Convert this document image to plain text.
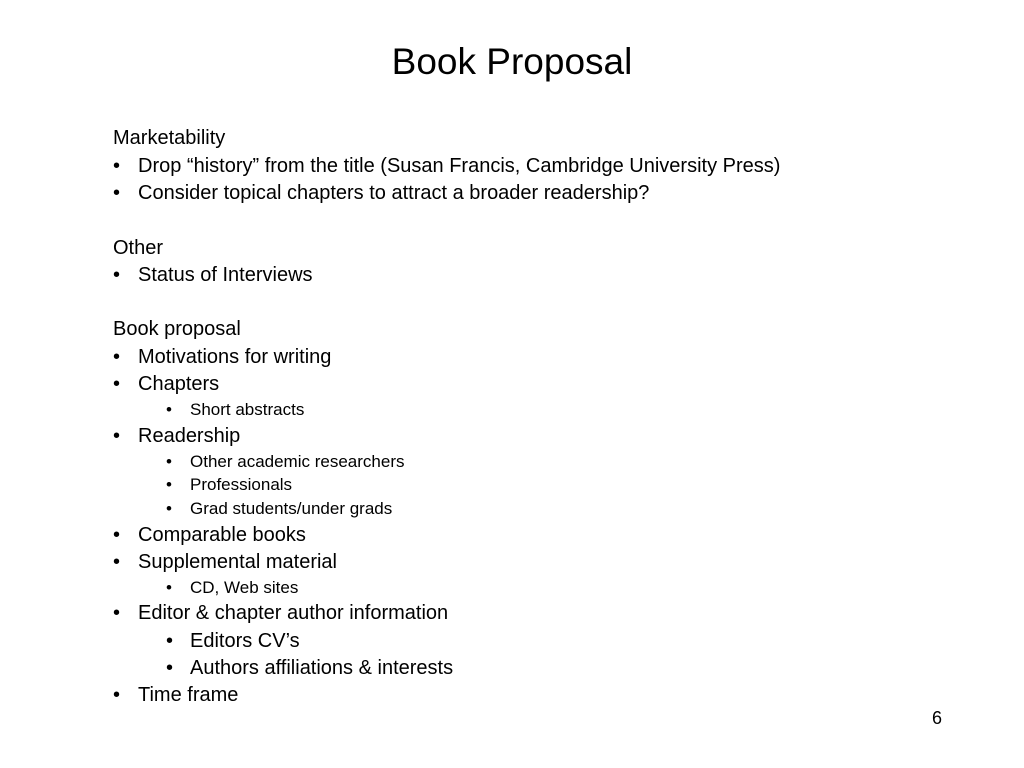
Book Proposal
Marketability
• Drop “history” from the title (Susan Francis, Cambridge University Press)
• Consider topical chapters to attract a broader readership?
Other
• Status of Interviews
Book proposal
• Motivations for writing
• Chapters
• Short abstracts
• Readership
• Other academic researchers
• Professionals
• Grad students/under grads
• Comparable books
• Supplemental material
• CD, Web sites
• Editor & chapter author information
• Editors CV’s
• Authors affiliations & interests
• Time frame
6
